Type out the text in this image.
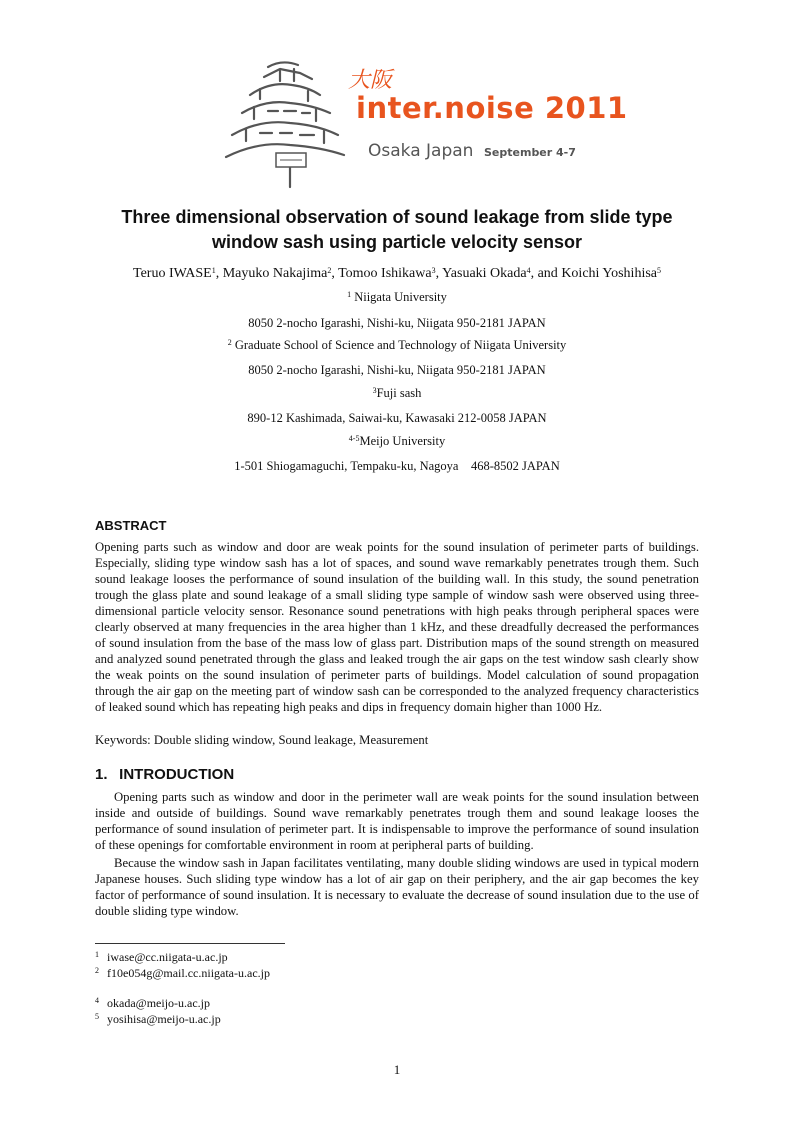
大阪
inter.noise 2011
Osaka Japan September 4-7
Three dimensional observation of sound leakage from slide type
window sash using particle velocity sensor

Teruo IWASE$^1$, Mayuko Nakajima$^2$, Tomoo Ishikawa$^3$, Yasuaki Okada$^4$, and Koichi Yoshihisa$^5$

$^1$ Niigata University

8050 2-nocho Igarashi, Nishi-ku, Niigata 950-2181 JAPAN

$^2$ Graduate School of Science and Technology of Niigata University

8050 2-nocho Igarashi, Nishi-ku, Niigata 950-2181 JAPAN

$^3$Fuji sash

890-12 Kashimada, Saiwai-ku, Kawasaki 212-0058 JAPAN

$^{4-5}$Meijo University

1-501 Shiogamaguchi, Tempaku-ku, Nagoya 468-8502 JAPAN

ABSTRACT

Opening parts such as window and door are weak points for the sound insulation of perimeter parts of buildings. Especially, sliding type window sash has a lot of spaces, and sound wave remarkably penetrates trough them. Such sound leakage looses the performance of sound insulation of the building wall. In this study, the sound penetration trough the glass plate and sound leakage of a small sliding type sample of window sash were observed using three-dimensional particle velocity sensor. Resonance sound penetrations with high peaks through peripheral spaces were clearly observed at many frequencies in the area higher than 1 kHz, and these dreadfully decreased the performances of sound insulation from the base of the mass low of glass part. Distribution maps of the sound strength on measured and analyzed sound penetrated through the glass and leaked trough the air gaps on the test window sash clearly show the weak points on the sound insulation of perimeter parts of buildings. Model calculation of sound propagation through the air gap on the meeting part of window sash can be corresponded to the analyzed frequency characteristics of leaked sound which has repeating high peaks and dips in frequency domain higher than 1000 Hz.

Keywords: Double sliding window, Sound leakage, Measurement

1.  INTRODUCTION

Opening parts such as window and door in the perimeter wall are weak points for the sound insulation between inside and outside of buildings. Sound wave remarkably penetrates trough them and sound leakage looses the performance of sound insulation of perimeter part. It is indispensable to improve the performance of sound insulation of these openings for comfortable environment in room at peripheral parts of building.

Because the window sash in Japan facilitates ventilating, many double sliding windows are used in typical modern Japanese houses. Such sliding type window has a lot of air gap on their periphery, and the air gap becomes the key factor of performance of sound insulation. It is necessary to evaluate the decrease of sound insulation due to the use of double sliding type window.

1 iwase@cc.niigata-u.ac.jp

2 f10e054g@mail.cc.niigata-u.ac.jp

4 okada@meijo-u.ac.jp

5 yosihisa@meijo-u.ac.jp

1
